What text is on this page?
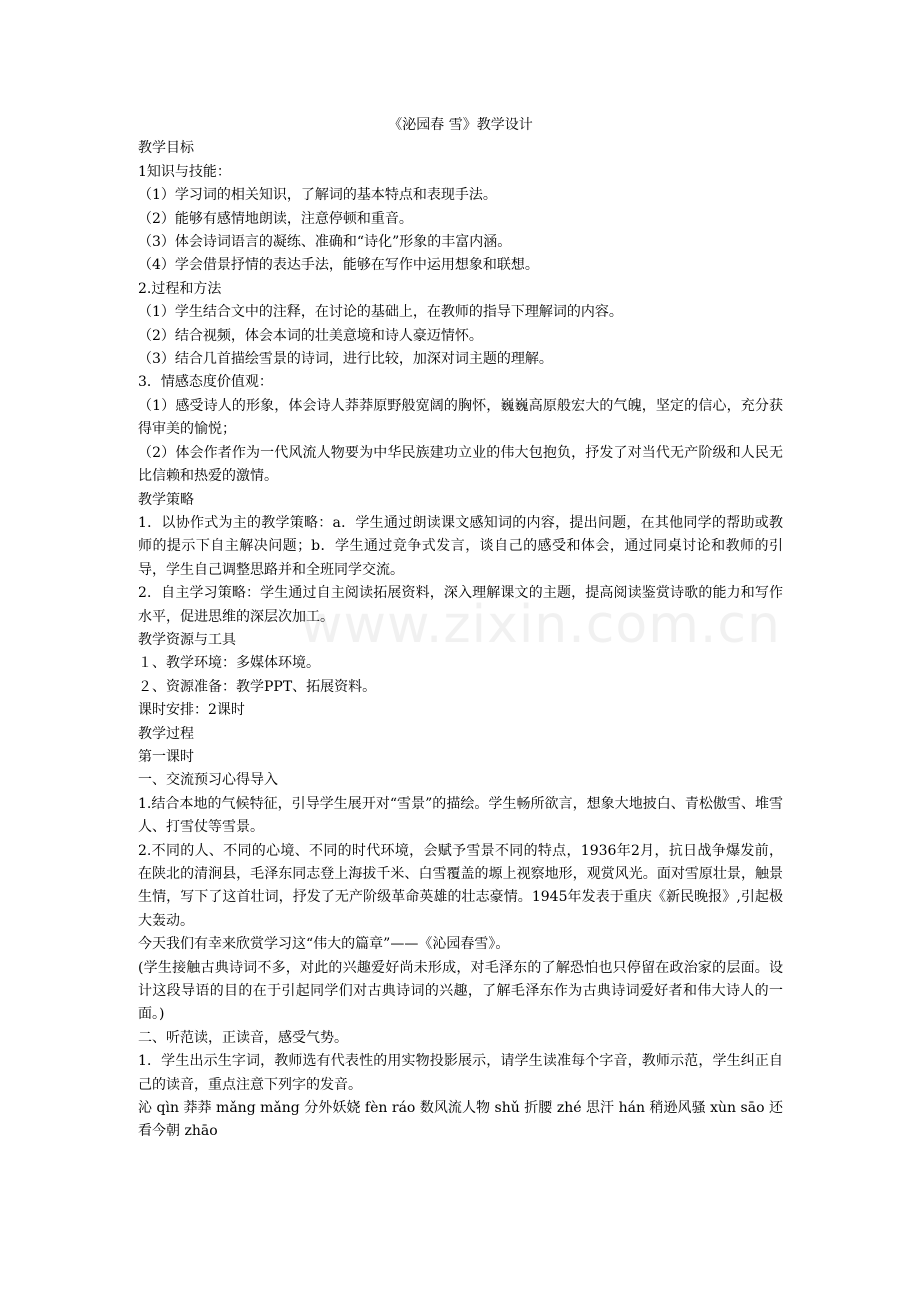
www.zixin.com.cn

《泌园春 雪》教学设计

教学目标

1知识与技能：

（1）学习词的相关知识，了解词的基本特点和表现手法。

（2）能够有感情地朗读，注意停顿和重音。

（3）体会诗词语言的凝练、准确和“诗化”形象的丰富内涵。

（4）学会借景抒情的表达手法，能够在写作中运用想象和联想。

2.过程和方法

（1）学生结合文中的注释，在讨论的基础上，在教师的指导下理解词的内容。

（2）结合视频，体会本词的壮美意境和诗人豪迈情怀。

（3）结合几首描绘雪景的诗词，进行比较，加深对词主题的理解。

3．情感态度价值观：

（1）感受诗人的形象，体会诗人莽莽原野般宽阔的胸怀，巍巍高原般宏大的气魄，坚定的信心，充分获得审美的愉悦；

（2）体会作者作为一代风流人物要为中华民族建功立业的伟大包抱负，抒发了对当代无产阶级和人民无比信赖和热爱的激情。

教学策略

1．以协作式为主的教学策略：a．学生通过朗读课文感知词的内容，提出问题，在其他同学的帮助或教师的提示下自主解决问题；b．学生通过竞争式发言，谈自己的感受和体会，通过同桌讨论和教师的引导，学生自己调整思路并和全班同学交流。

2．自主学习策略：学生通过自主阅读拓展资料，深入理解课文的主题，提高阅读鉴赏诗歌的能力和写作水平，促进思维的深层次加工。

教学资源与工具

１、教学环境：多媒体环境。

２、资源准备：教学PPT、拓展资料。

课时安排：2课时

教学过程

第一课时

一、交流预习心得导入

1.结合本地的气候特征，引导学生展开对“雪景”的描绘。学生畅所欲言，想象大地披白、青松傲雪、堆雪人、打雪仗等雪景。

2.不同的人、不同的心境、不同的时代环境，会赋予雪景不同的特点，1936年2月，抗日战争爆发前，在陕北的清涧县，毛泽东同志登上海拔千米、白雪覆盖的塬上视察地形，观赏风光。面对雪原壮景，触景生情，写下了这首壮词，抒发了无产阶级革命英雄的壮志豪情。1945年发表于重庆《新民晚报》,引起极大轰动。

今天我们有幸来欣赏学习这“伟大的篇章”——《沁园春雪》。

(学生接触古典诗词不多，对此的兴趣爱好尚未形成，对毛泽东的了解恐怕也只停留在政治家的层面。设计这段导语的目的在于引起同学们对古典诗词的兴趣，了解毛泽东作为古典诗词爱好者和伟大诗人的一面。)

二、听范读，正读音，感受气势。

1．学生出示生字词，教师选有代表性的用实物投影展示，请学生读准每个字音，教师示范，学生纠正自己的读音，重点注意下列字的发音。

沁 qìn 莽莽 mǎng mǎng 分外妖娆 fèn ráo 数风流人物 shǔ 折腰 zhé 思汗 hán 稍逊风骚 xùn sāo 还看今朝 zhāo
